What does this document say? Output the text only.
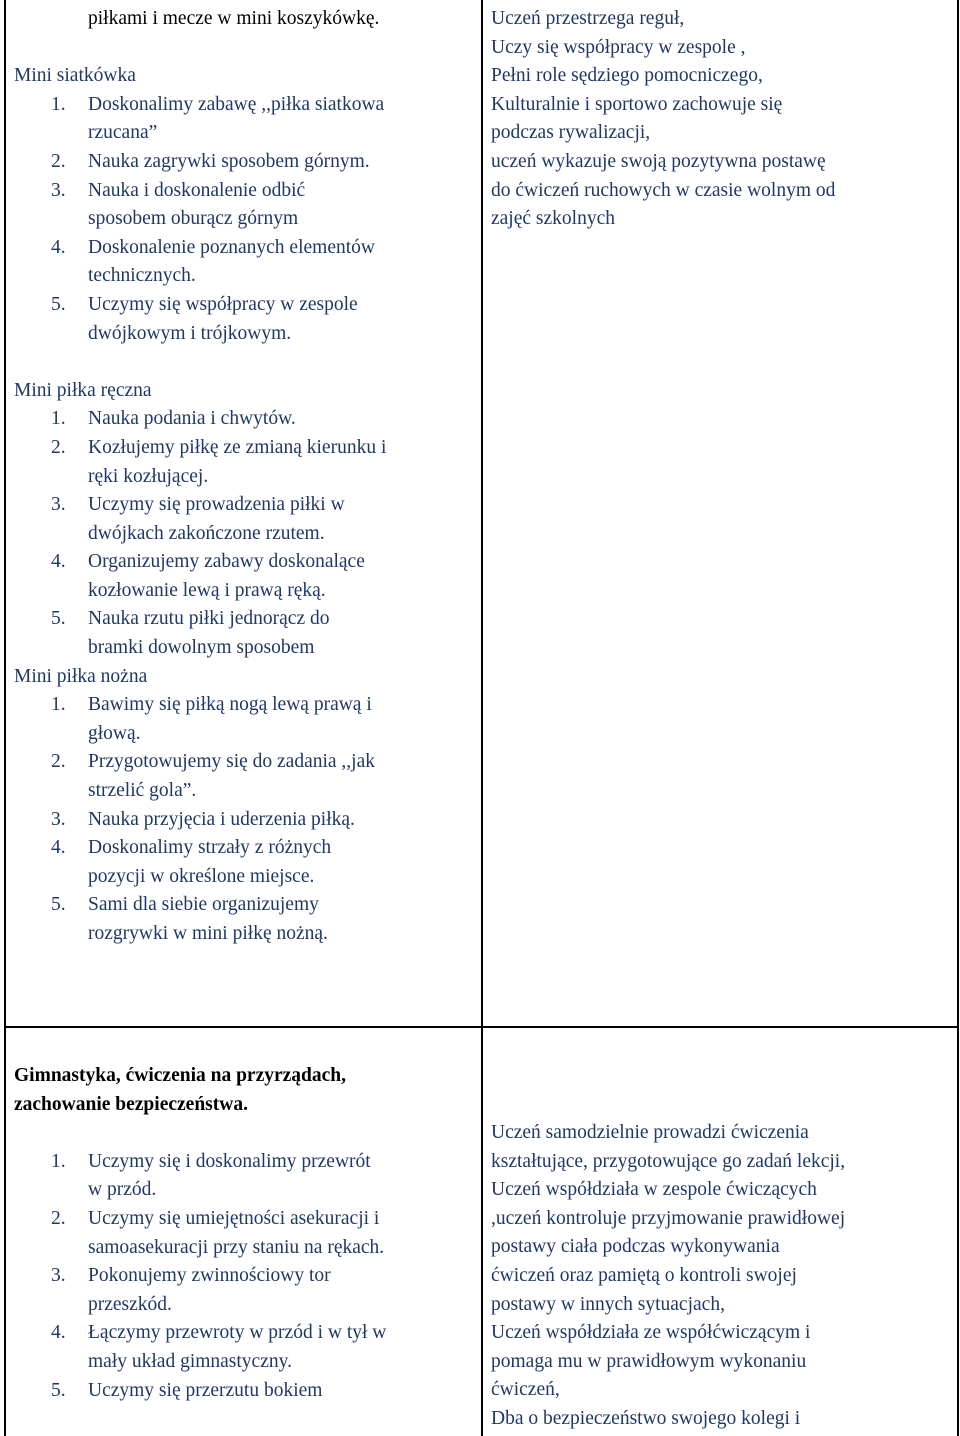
piłkami i mecze w mini koszykówkę.

Mini siatkówka
1. Doskonalimy zabawę ,,piłka siatkowa
rzucana”
2. Nauka zagrywki sposobem górnym.
3. Nauka i doskonalenie odbić
sposobem oburącz górnym
4. Doskonalenie poznanych elementów
technicznych.
5. Uczymy się współpracy w zespole
dwójkowym i trójkowym.

Mini piłka ręczna
1. Nauka podania i chwytów.
2. Kozłujemy piłkę ze zmianą kierunku i
ręki kozłującej.
3. Uczymy się prowadzenia piłki w
dwójkach zakończone rzutem.
4. Organizujemy zabawy doskonalące
kozłowanie lewą i prawą ręką.
5. Nauka rzutu piłki jednorącz do
bramki dowolnym sposobem
Mini piłka nożna
1. Bawimy się piłką nogą lewą prawą i
głową.
2. Przygotowujemy się do zadania ,,jak
strzelić gola”.
3. Nauka przyjęcia i uderzenia piłką.
4. Doskonalimy strzały z różnych
pozycji w określone miejsce.
5. Sami dla siebie organizujemy
rozgrywki w mini piłkę nożną.
Uczeń przestrzega reguł,
Uczy się współpracy w zespole ,
Pełni role sędziego pomocniczego,
Kulturalnie i sportowo zachowuje się
podczas rywalizacji,
uczeń wykazuje swoją pozytywna postawę
do ćwiczeń ruchowych w czasie wolnym od
zajęć szkolnych
Gimnastyka, ćwiczenia na przyrządach,
zachowanie bezpieczeństwa.

1. Uczymy się i doskonalimy przewrót
w przód.
2. Uczymy się umiejętności asekuracji i
samoasekuracji przy staniu na rękach.
3. Pokonujemy zwinnościowy tor
przeszkód.
4. Łączymy przewroty w przód i w tył w
mały układ gimnastyczny.
5. Uczymy się przerzutu bokiem
Uczeń samodzielnie prowadzi ćwiczenia
kształtujące, przygotowujące go zadań lekcji,
Uczeń współdziała w zespole ćwiczących
,uczeń kontroluje przyjmowanie prawidłowej
postawy ciała podczas wykonywania
ćwiczeń oraz pamiętą o kontroli swojej
postawy w innych sytuacjach,
Uczeń współdziała ze współćwiczącym i
pomaga mu w prawidłowym wykonaniu
ćwiczeń,
Dba o bezpieczeństwo swojego kolegi i
